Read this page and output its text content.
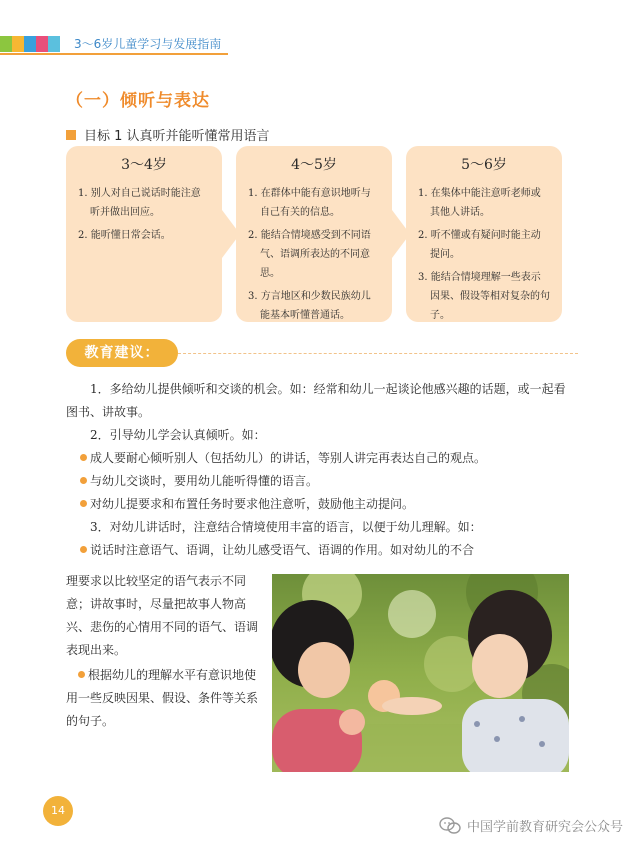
3～6岁儿童学习与发展指南
（一）倾听与表达
目标 1 认真听并能听懂常用语言
3～4岁
1. 别人对自己说话时能注意听并做出回应。
2. 能听懂日常会话。
4～5岁
1. 在群体中能有意识地听与自己有关的信息。
2. 能结合情境感受到不同语气、语调所表达的不同意思。
3. 方言地区和少数民族幼儿能基本听懂普通话。
5～6岁
1. 在集体中能注意听老师或其他人讲话。
2. 听不懂或有疑问时能主动提问。
3. 能结合情境理解一些表示因果、假设等相对复杂的句子。
教育建议：

1．多给幼儿提供倾听和交谈的机会。如：经常和幼儿一起谈论他感兴趣的话题，或一起看图书、讲故事。

2．引导幼儿学会认真倾听。如：

成人要耐心倾听别人（包括幼儿）的讲话，等别人讲完再表达自己的观点。

与幼儿交谈时，要用幼儿能听得懂的语言。

对幼儿提要求和布置任务时要求他注意听，鼓励他主动提问。

3．对幼儿讲话时，注意结合情境使用丰富的语言，以便于幼儿理解。如：

说话时注意语气、语调，让幼儿感受语气、语调的作用。如对幼儿的不合

理要求以比较坚定的语气表示不同意；讲故事时，尽量把故事人物高兴、悲伤的心情用不同的语气、语调表现出来。

根据幼儿的理解水平有意识地使用一些反映因果、假设、条件等关系的句子。

14
中国学前教育研究会公众号
